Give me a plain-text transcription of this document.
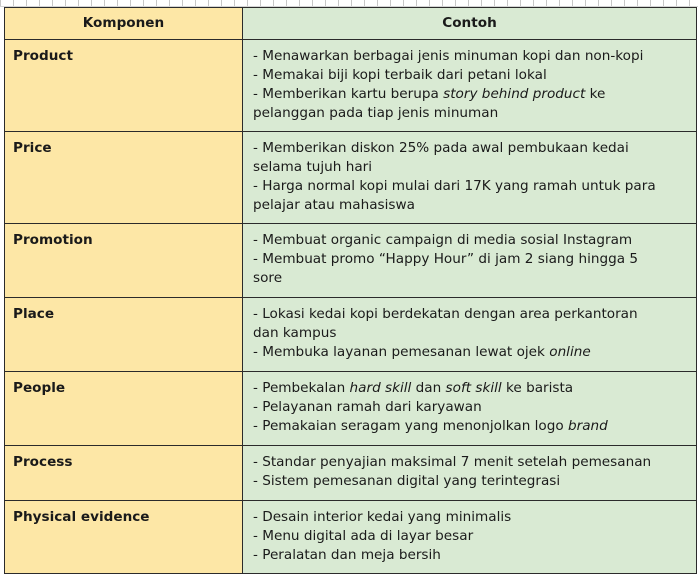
Komponen	Contoh
Product	- Menawarkan berbagai jenis minuman kopi dan non-kopi
- Memakai biji kopi terbaik dari petani lokal
- Memberikan kartu berupa story behind product ke
pelanggan pada tiap jenis minuman

Price	- Memberikan diskon 25% pada awal pembukaan kedai
selama tujuh hari
- Harga normal kopi mulai dari 17K yang ramah untuk para
pelajar atau mahasiswa

Promotion	- Membuat organic campaign di media sosial Instagram
- Membuat promo “Happy Hour” di jam 2 siang hingga 5
sore

Place	- Lokasi kedai kopi berdekatan dengan area perkantoran
dan kampus
- Membuka layanan pemesanan lewat ojek online

People	- Pembekalan hard skill dan soft skill ke barista
- Pelayanan ramah dari karyawan
- Pemakaian seragam yang menonjolkan logo brand

Process	- Standar penyajian maksimal 7 menit setelah pemesanan
- Sistem pemesanan digital yang terintegrasi

Physical evidence	- Desain interior kedai yang minimalis
- Menu digital ada di layar besar
- Peralatan dan meja bersih
